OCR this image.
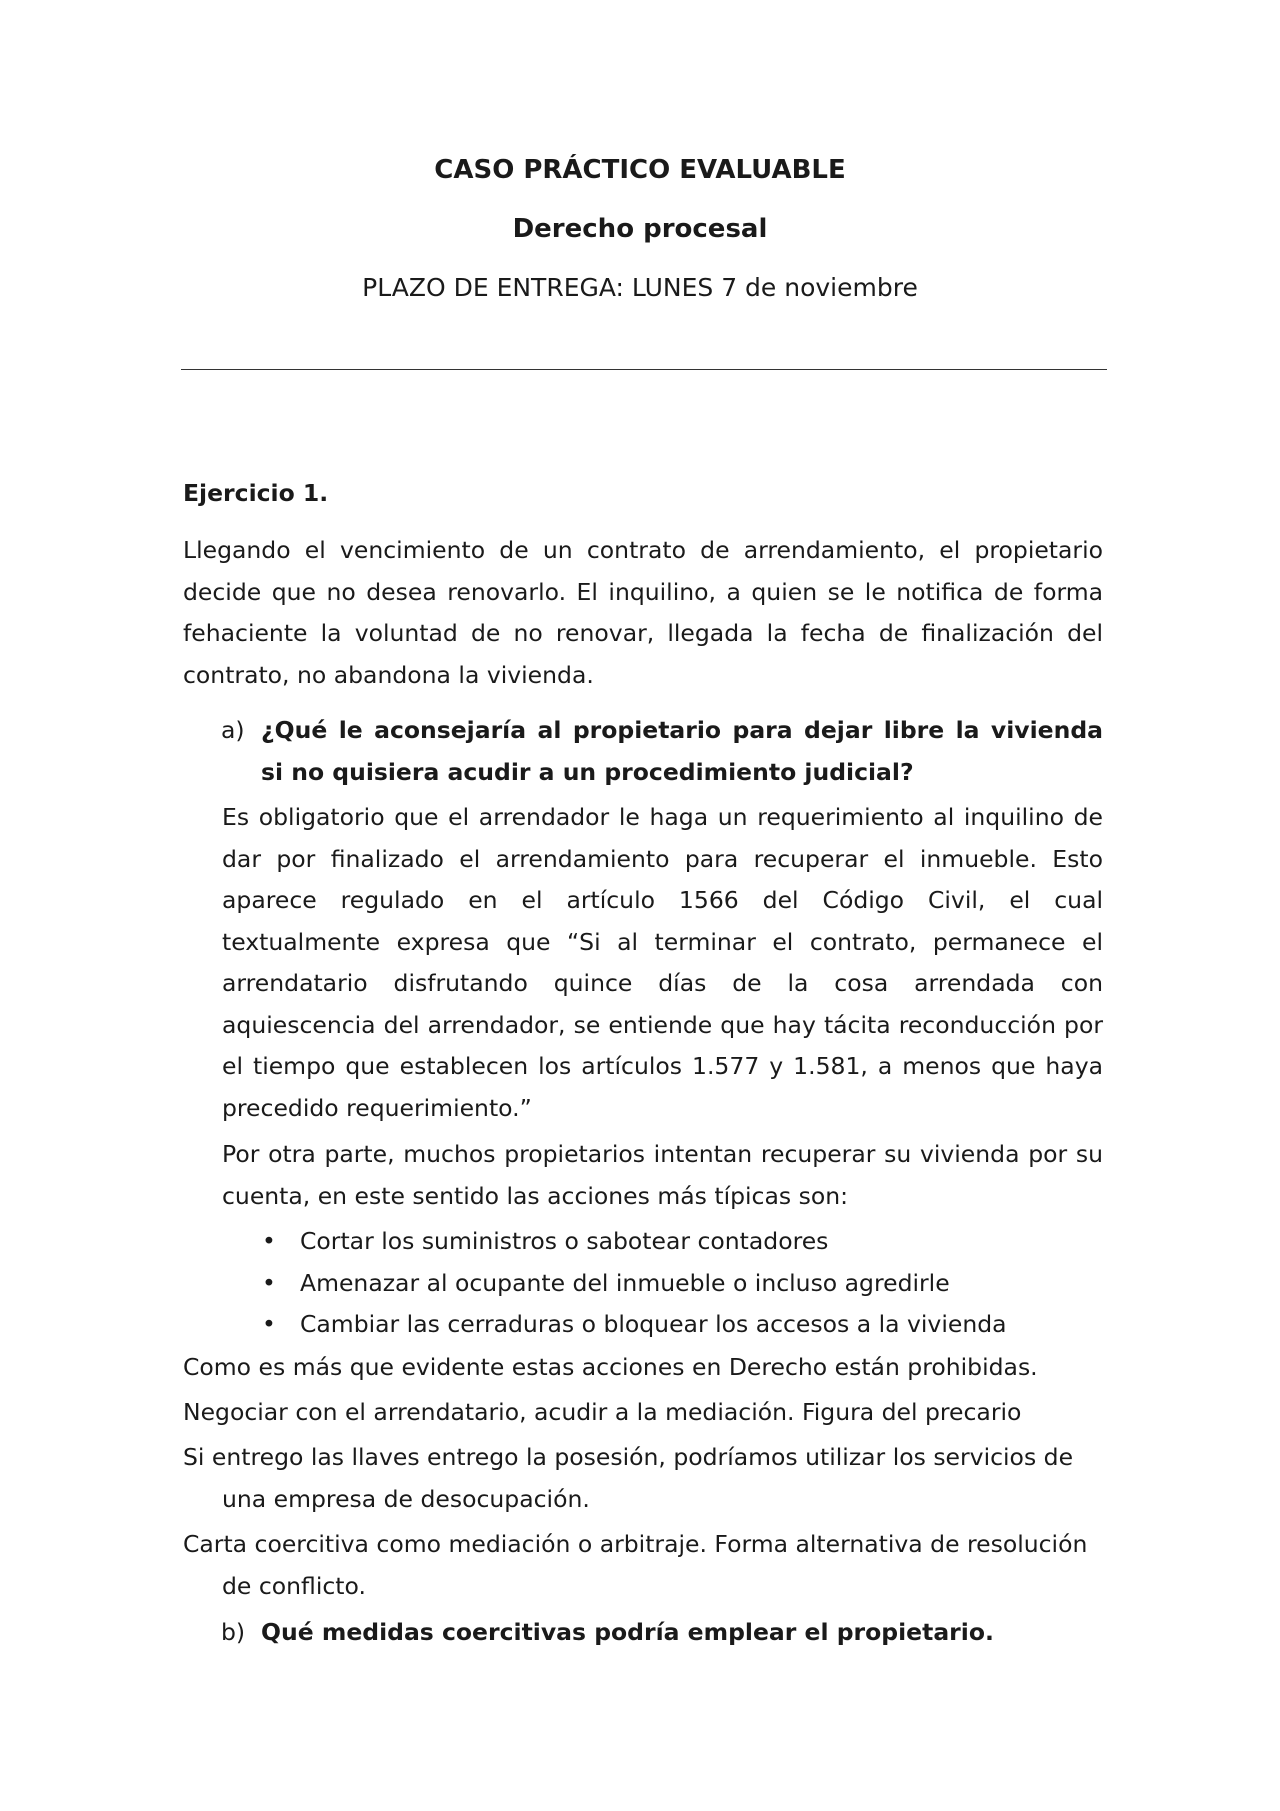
CASO PRÁCTICO EVALUABLE
Derecho procesal
PLAZO DE ENTREGA: LUNES 7 de noviembre
Ejercicio 1.
Llegando el vencimiento de un contrato de arrendamiento, el propietario decide que no desea renovarlo. El inquilino, a quien se le notifica de forma fehaciente la voluntad de no renovar, llegada la fecha de finalización del contrato, no abandona la vivienda.
a) ¿Qué le aconsejaría al propietario para dejar libre la vivienda si no quisiera acudir a un procedimiento judicial?
Es obligatorio que el arrendador le haga un requerimiento al inquilino de dar por finalizado el arrendamiento para recuperar el inmueble. Esto aparece regulado en el artículo 1566 del Código Civil, el cual textualmente expresa que “Si al terminar el contrato, permanece el arrendatario disfrutando quince días de la cosa arrendada con aquiescencia del arrendador, se entiende que hay tácita reconducción por el tiempo que establecen los artículos 1.577 y 1.581, a menos que haya precedido requerimiento.”
Por otra parte, muchos propietarios intentan recuperar su vivienda por su cuenta, en este sentido las acciones más típicas son:
• Cortar los suministros o sabotear contadores
• Amenazar al ocupante del inmueble o incluso agredirle
• Cambiar las cerraduras o bloquear los accesos a la vivienda
Como es más que evidente estas acciones en Derecho están prohibidas.
Negociar con el arrendatario, acudir a la mediación. Figura del precario
Si entrego las llaves entrego la posesión, podríamos utilizar los servicios de
una empresa de desocupación.
Carta coercitiva como mediación o arbitraje. Forma alternativa de resolución
de conflicto.
b) Qué medidas coercitivas podría emplear el propietario.
